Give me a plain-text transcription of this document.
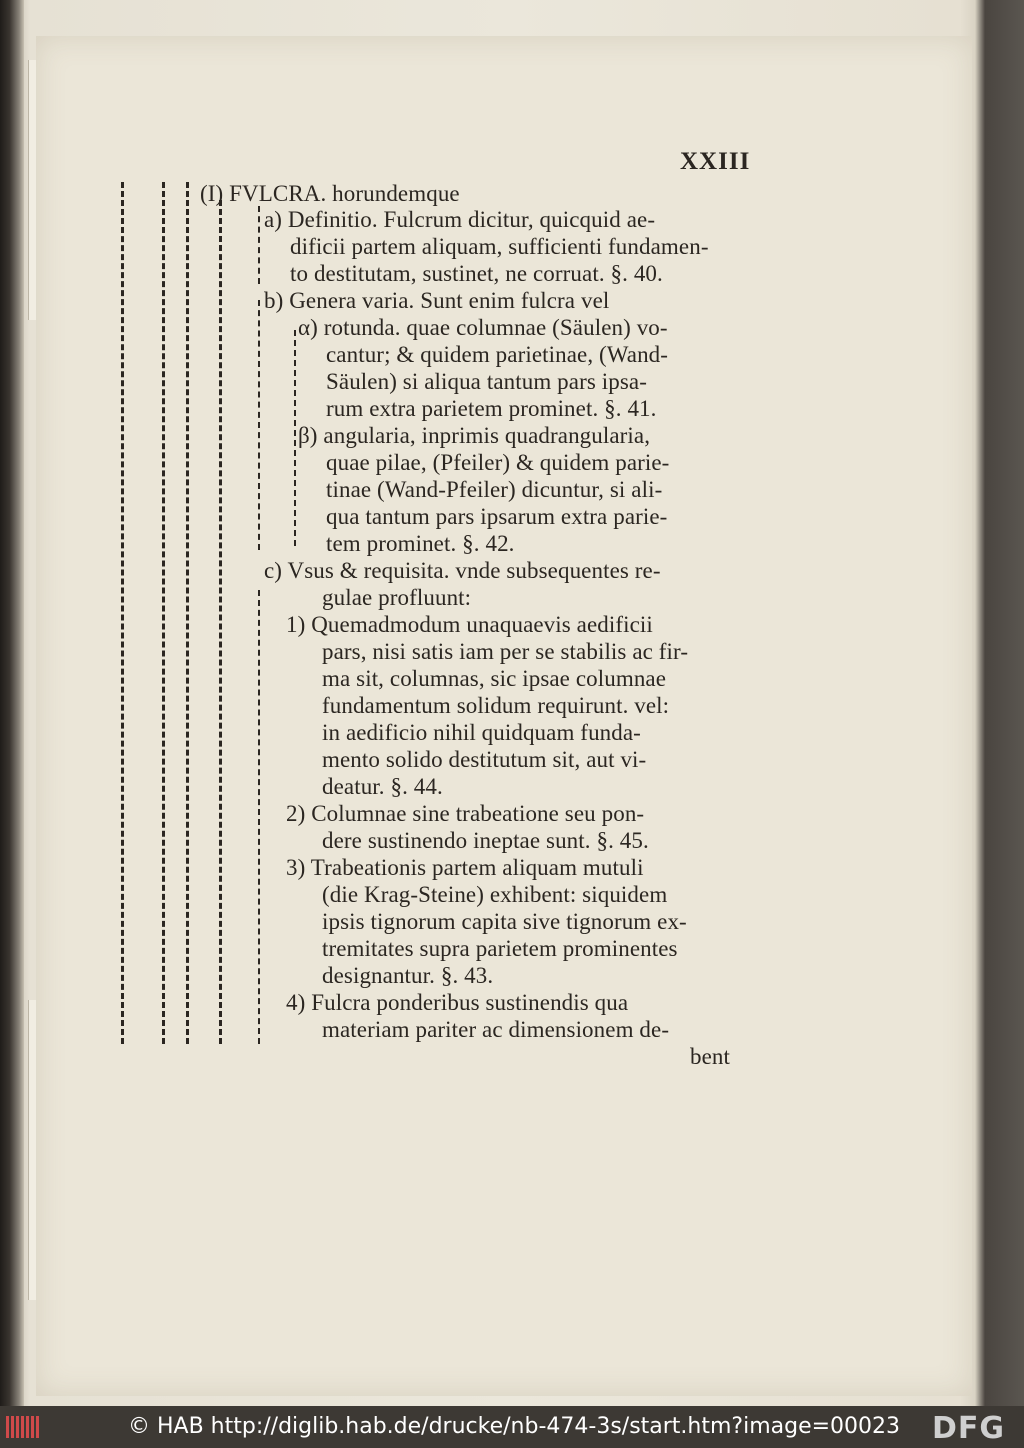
XXIII
(I) FVLCRA. horundemque
a) Definitio. Fulcrum dicitur, quicquid ae-
dificii partem aliquam, sufficienti fundamen-
to destitutam, sustinet, ne corruat. §. 40.
b) Genera varia. Sunt enim fulcra vel
α) rotunda. quae columnae (Säulen) vo-
cantur; & quidem parietinae, (Wand-
Säulen) si aliqua tantum pars ipsa-
rum extra parietem prominet. §. 41.
β) angularia, inprimis quadrangularia,
quae pilae, (Pfeiler) & quidem parie-
tinae (Wand-Pfeiler) dicuntur, si ali-
qua tantum pars ipsarum extra parie-
tem prominet. §. 42.
c) Vsus & requisita. vnde subsequentes re-
gulae profluunt:
1) Quemadmodum unaquaevis aedificii
pars, nisi satis iam per se stabilis ac fir-
ma sit, columnas, sic ipsae columnae
fundamentum solidum requirunt. vel:
in aedificio nihil quidquam funda-
mento solido destitutum sit, aut vi-
deatur. §. 44.
2) Columnae sine trabeatione seu pon-
dere sustinendo ineptae sunt. §. 45.
3) Trabeationis partem aliquam mutuli
(die Krag-Steine) exhibent: siquidem
ipsis tignorum capita sive tignorum ex-
tremitates supra parietem prominentes
designantur. §. 43.
4) Fulcra ponderibus sustinendis qua
materiam pariter ac dimensionem de-
bent
© HAB http://diglib.hab.de/drucke/nb-474-3s/start.htm?image=00023 DFG
